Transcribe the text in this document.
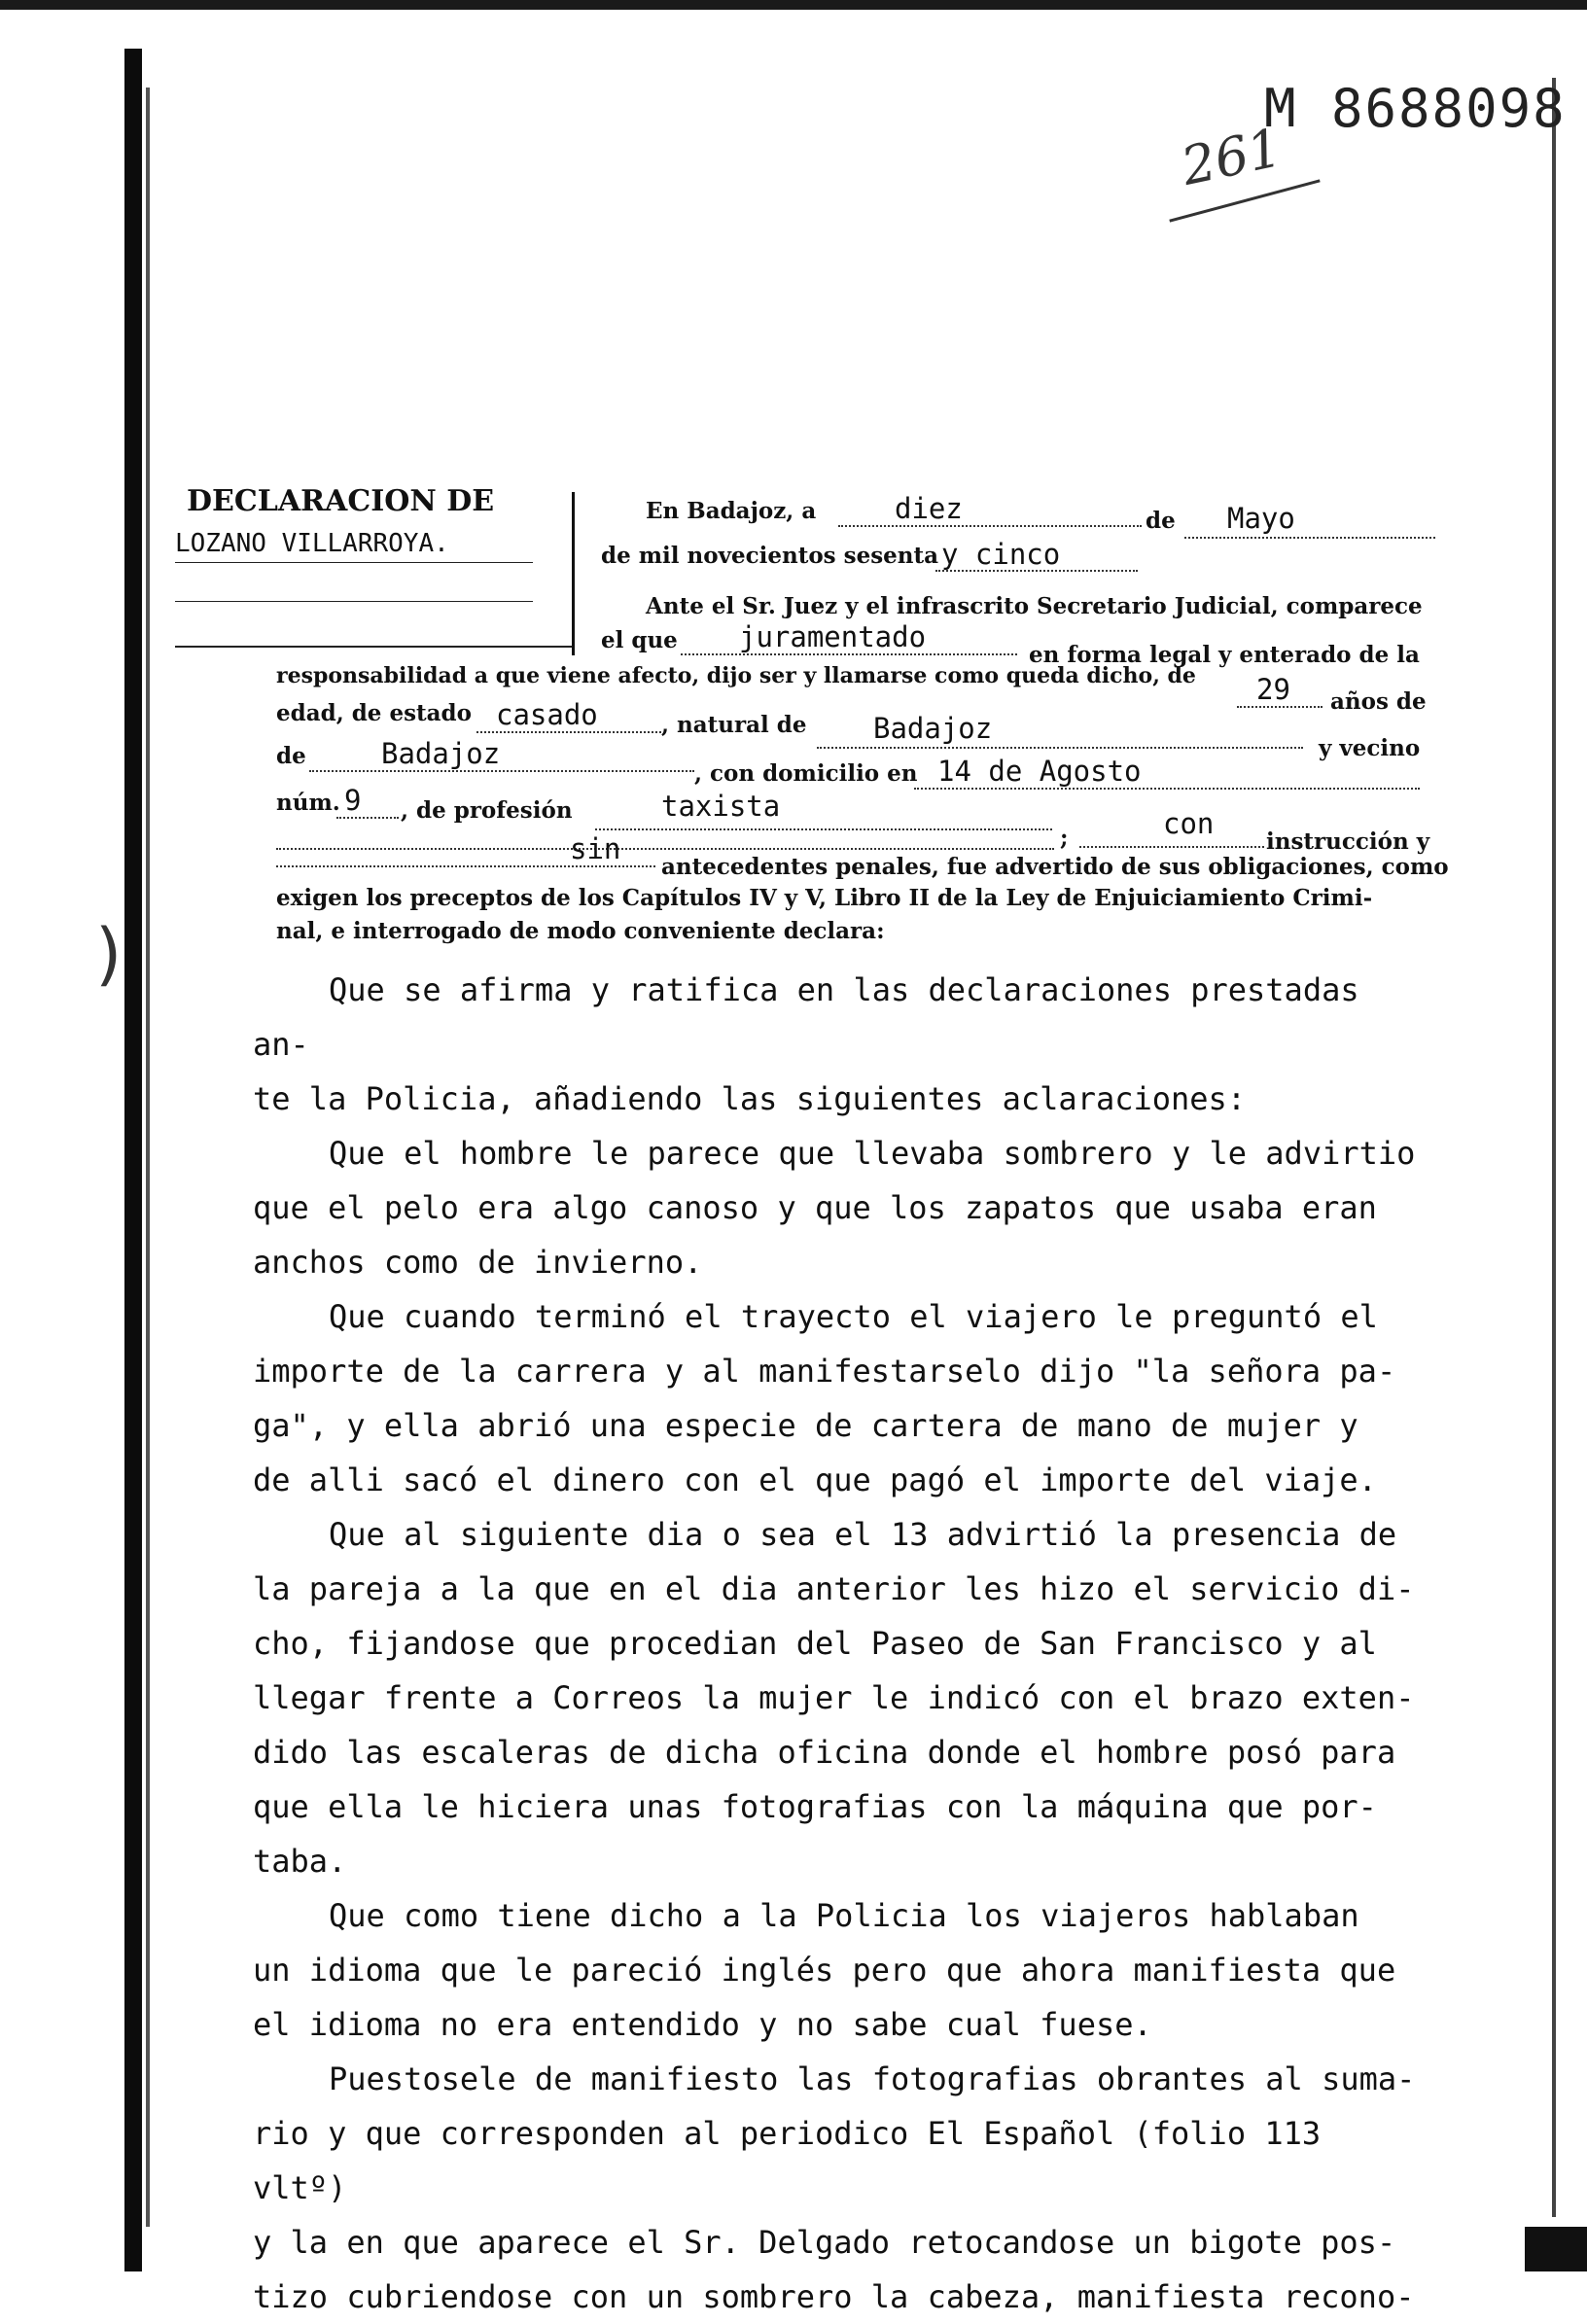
)
M 8688098
261
DECLARACION DE
LOZANO VILLARROYA.
En Badajoz, a	diez	de Mayo
de mil novecientos sesenta y cinco
Ante el Sr. Juez y el infrascrito Secretario Judicial, comparece
el que juramentado
en forma legal y enterado de la
responsabilidad a que viene afecto, dijo ser y llamarse como queda dicho, de 29 años de
edad, de estado casado	, natural de Badajoz
y vecino
de	Badajoz
, con domicilio en 14 de Agosto
núm. 9 , de profesión	taxista
;	con
instrucción y
sin
antecedentes penales, fue advertido de sus obligaciones, como
exigen los preceptos de los Capítulos IV y V, Libro II de la Ley de Enjuiciamiento Crimi-
nal, e interrogado de modo conveniente declara:

Que se afirma y ratifica en las declaraciones prestadas an-

te la Policia, añadiendo las siguientes aclaraciones:

Que el hombre le parece que llevaba sombrero y le advirtio

que el pelo era algo canoso y que los zapatos que usaba eran

anchos como de invierno.

Que cuando terminó el trayecto el viajero le preguntó el

importe de la carrera y al manifestarselo dijo "la señora pa-

ga", y ella abrió una especie de cartera de mano de mujer y

de alli sacó el dinero con el que pagó el importe del viaje.

Que al siguiente dia o sea el 13 advirtió la presencia de

la pareja a la que en el dia anterior les hizo el servicio di-

cho, fijandose que procedian del Paseo de San Francisco y al

llegar frente a Correos la mujer le indicó con el brazo exten-

dido las escaleras de dicha oficina donde el hombre posó para

que ella le hiciera unas fotografias con la máquina que por-

taba.

Que como tiene dicho a la Policia los viajeros hablaban

un idioma que le pareció inglés pero que ahora manifiesta que

el idioma no era entendido y no sabe cual fuese.

Puestosele de manifiesto las fotografias obrantes al suma-

rio y que corresponden al periodico El Español (folio 113 vltº)

y la en que aparece el Sr. Delgado retocandose un bigote pos-

tizo cubriendose con un sombrero la cabeza, manifiesta recono-
